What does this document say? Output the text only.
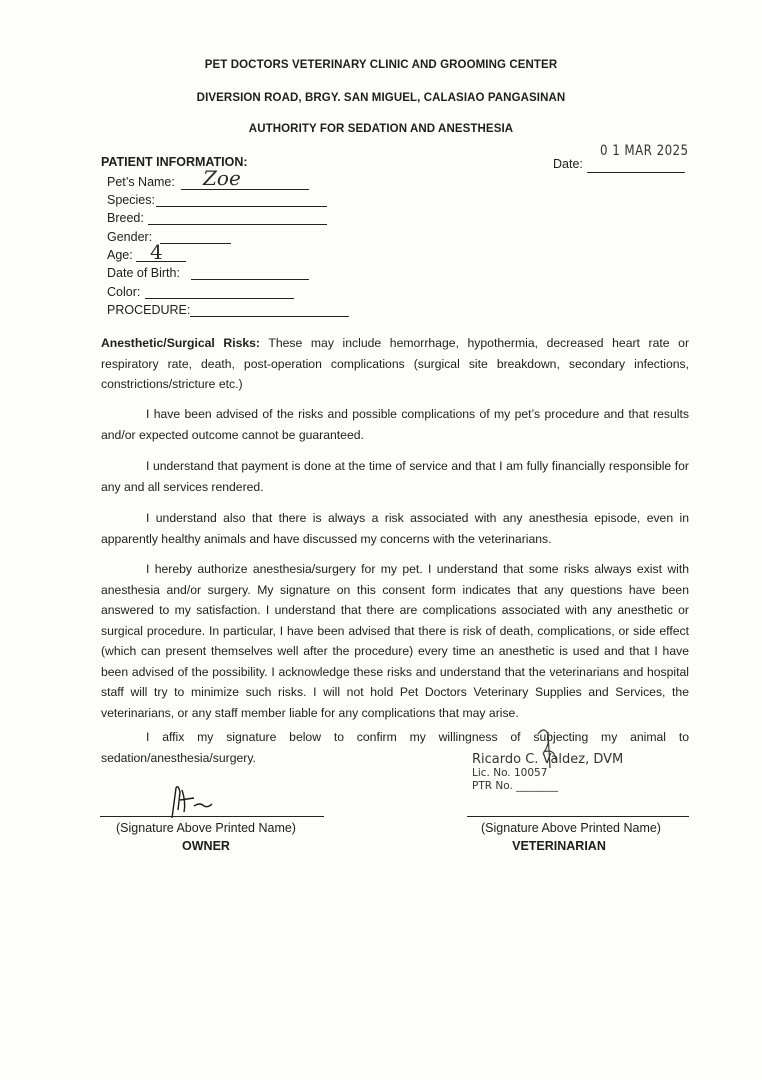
PET DOCTORS VETERINARY CLINIC AND GROOMING CENTER
DIVERSION ROAD, BRGY. SAN MIGUEL, CALASIAO PANGASINAN
AUTHORITY FOR SEDATION AND ANESTHESIA
PATIENT INFORMATION:	Date:
0 1 MAR 2025
Pet’s Name: Zoe
Species:
Breed:
Gender:
Age: 4
Date of Birth:
Color:
PROCEDURE:
Anesthetic/Surgical Risks: These may include hemorrhage, hypothermia, decreased heart rate or respiratory rate, death, post-operation complications (surgical site breakdown, secondary infections, constrictions/stricture etc.)
I have been advised of the risks and possible complications of my pet’s procedure and that results and/or expected outcome cannot be guaranteed.
I understand that payment is done at the time of service and that I am fully financially responsible for any and all services rendered.
I understand also that there is always a risk associated with any anesthesia episode, even in apparently healthy animals and have discussed my concerns with the veterinarians.
I hereby authorize anesthesia/surgery for my pet. I understand that some risks always exist with anesthesia and/or surgery. My signature on this consent form indicates that any questions have been answered to my satisfaction. I understand that there are complications associated with any anesthetic or surgical procedure. In particular, I have been advised that there is risk of death, complications, or side effect (which can present themselves well after the procedure) every time an anesthetic is used and that I have been advised of the possibility. I acknowledge these risks and understand that the veterinarians and hospital staff will try to minimize such risks. I will not hold Pet Doctors Veterinary Supplies and Services, the veterinarians, or any staff member liable for any complications that may arise.
I affix my signature below to confirm my willingness of subjecting my animal to sedation/anesthesia/surgery.	Ricardo C. Valdez, DVM
Lic. No. 10057
PTR No. ________
(Signature Above Printed Name)
OWNER
(Signature Above Printed Name)
VETERINARIAN
